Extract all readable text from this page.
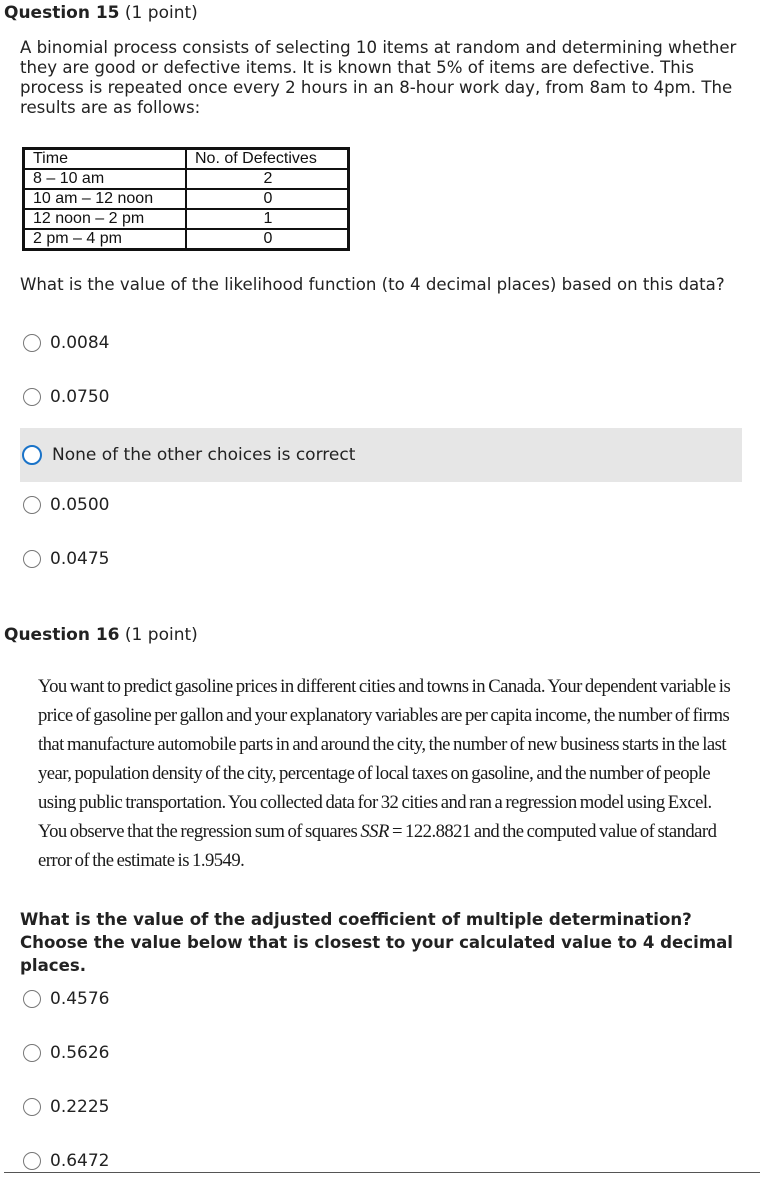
Question 15 (1 point)

A binomial process consists of selecting 10 items at random and determining whether they are good or defective items. It is known that 5% of items are defective. This process is repeated once every 2 hours in an 8-hour work day, from 8am to 4pm. The results are as follows:

Time	No. of Defectives
8 – 10 am	2
10 am – 12 noon	0
12 noon – 2 pm	1
2 pm – 4 pm	0

What is the value of the likelihood function (to 4 decimal places) based on this data?

0.0084
0.0750
None of the other choices is correct
0.0500
0.0475

Question 16 (1 point)

You want to predict gasoline prices in different cities and towns in Canada. Your dependent variable is price of gasoline per gallon and your explanatory variables are per capita income, the number of firms that manufacture automobile parts in and around the city, the number of new business starts in the last year, population density of the city, percentage of local taxes on gasoline, and the number of people using public transportation. You collected data for 32 cities and ran a regression model using Excel. You observe that the regression sum of squares SSR = 122.8821 and the computed value of standard error of the estimate is 1.9549.

What is the value of the adjusted coefficient of multiple determination? Choose the value below that is closest to your calculated value to 4 decimal places.

0.4576
0.5626
0.2225
0.6472
